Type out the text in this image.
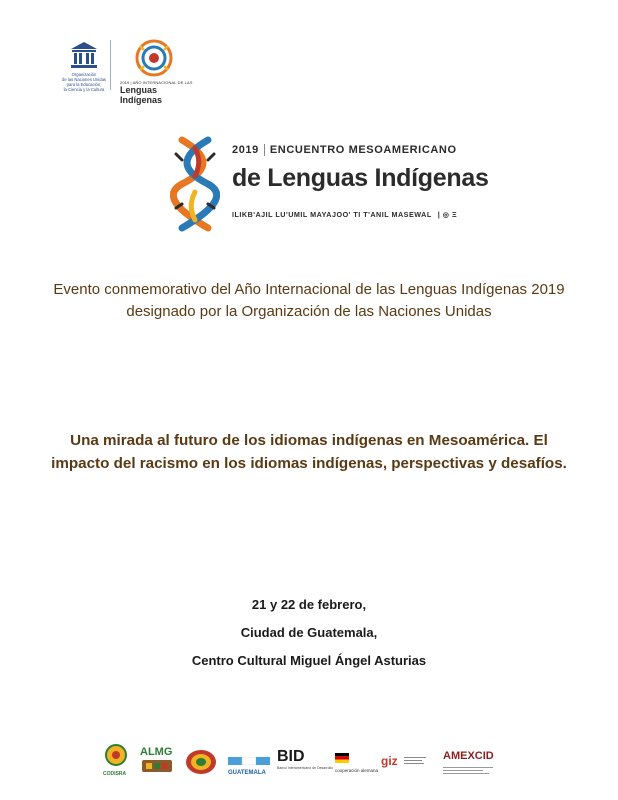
Organización
de las Naciones Unidas
para la Educación,
la Ciencia y la Cultura
2019 | AÑO INTERNACIONAL DE LAS
Lenguas Indígenas
2019 ENCUENTRO MESOAMERICANO
de Lenguas Indígenas
ILIKB'AJIL LU'UMIL MAYAJOO' TI T'ANIL MASEWAL | ◎ Ξ

Evento conmemorativo del Año Internacional de las Lenguas Indígenas 2019 designado por la Organización de las Naciones Unidas

Una mirada al futuro de los idiomas indígenas en Mesoamérica. El impacto del racismo en los idiomas indígenas, perspectivas y desafíos.

21 y 22 de febrero,

Ciudad de Guatemala,

Centro Cultural Miguel Ángel Asturias

CODISRA
ALMG
GUATEMALA
BID
Banco Interamericano de Desarrollo cooperación alemana
giz	AMEXCID
